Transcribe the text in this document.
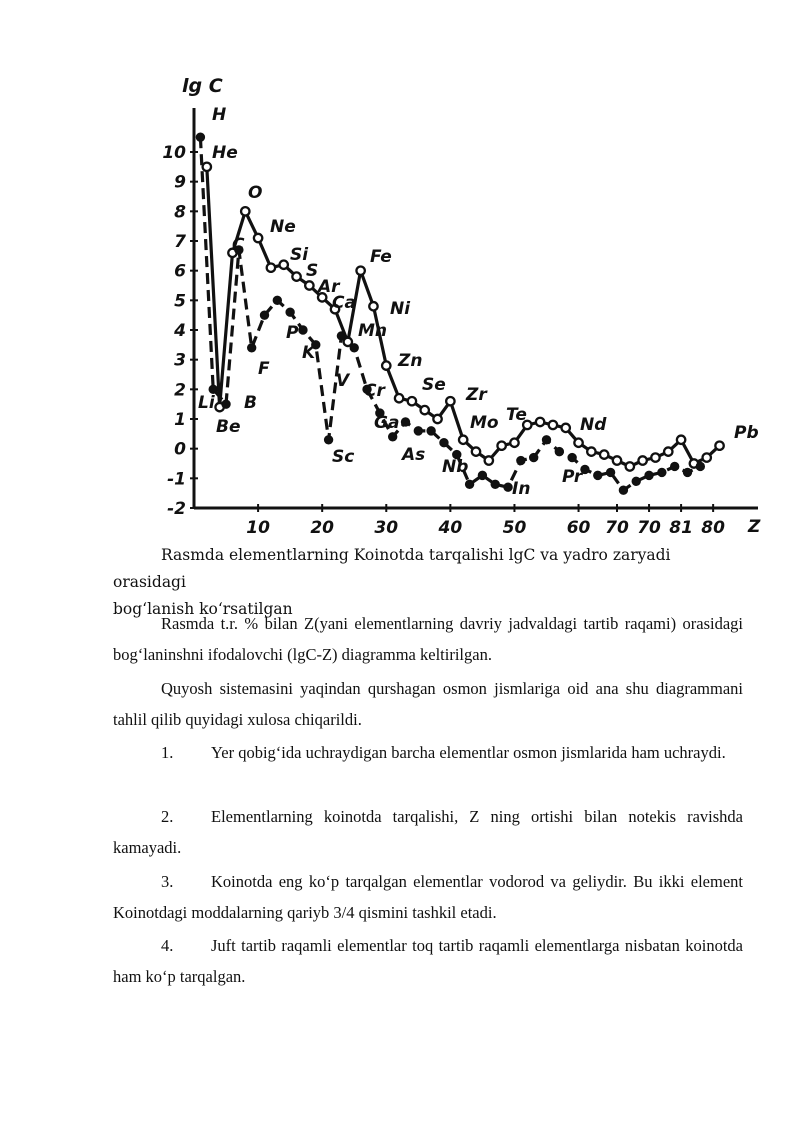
10
9
8
7
6
5
4
3
2
1
0
-1
-2
10 20 30 40 50 60 70 70 81 80
H
He
Li
Be
B
C
O
Ne
F
Si
S
Ar
Ca
P
K
V
Sc
Fe
Ni
Mn
Cr
Zn
Ga
Se
As
Zr
Mo
Nb
Te
In
Nd
Pr
Pb
lg C
Z
Rasmda elementlarning Koinotda tarqalishi lgC va yadro zaryadi orasidagi
bog‘lanish ko‘rsatilgan
Rasmda t.r. % bilan Z(yani elementlarning davriy jadvaldagi tartib raqami) orasidagi bog‘laninshni ifodalovchi (lgC-Z) diagramma keltirilgan.
Quyosh sistemasini yaqindan qurshagan osmon jismlariga oid ana shu diagrammani tahlil qilib quyidagi xulosa chiqarildi.
1. Yer qobig‘ida uchraydigan barcha elementlar osmon jismlarida ham uchraydi.
2. Elementlarning koinotda tarqalishi, Z ning ortishi bilan notekis ravishda kamayadi.
3. Koinotda eng ko‘p tarqalgan elementlar vodorod va geliydir. Bu ikki element Koinotdagi moddalarning qariyb 3/4 qismini tashkil etadi.
4. Juft tartib raqamli elementlar toq tartib raqamli elementlarga nisbatan koinotda ham ko‘p tarqalgan.
